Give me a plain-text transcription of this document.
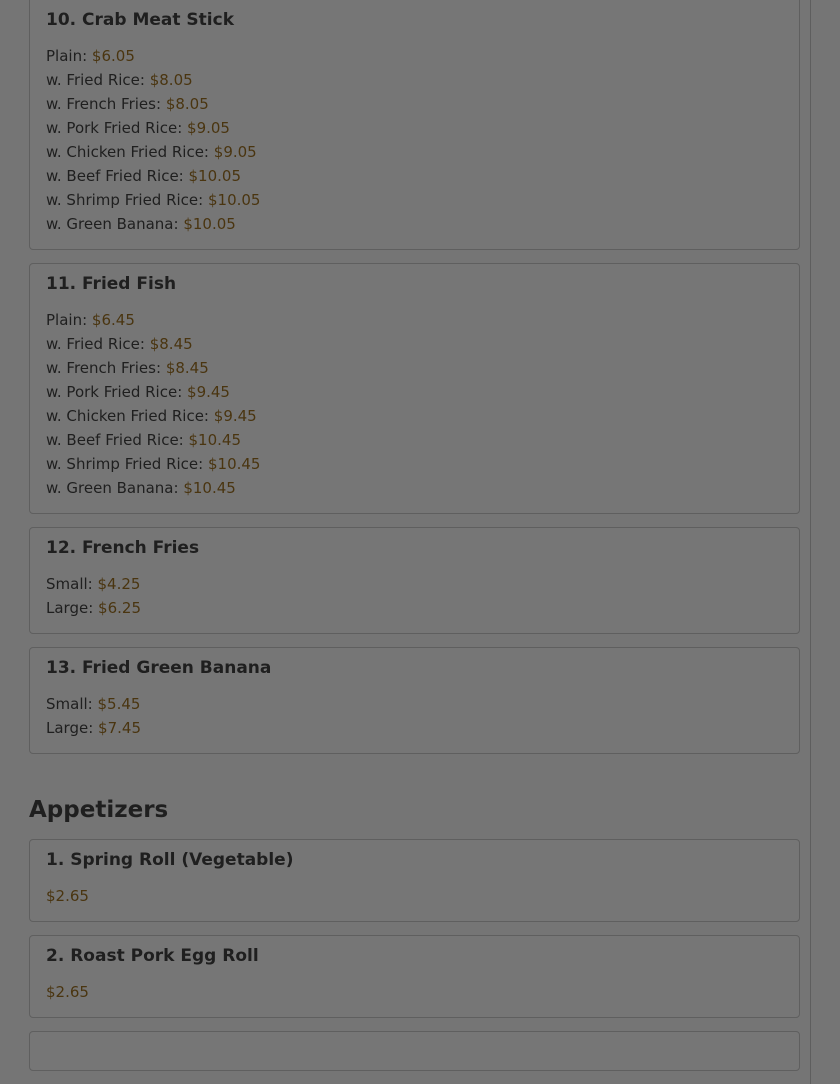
10. Crab Meat Stick
Plain: $6.05
w. Fried Rice: $8.05
w. French Fries: $8.05
w. Pork Fried Rice: $9.05
w. Chicken Fried Rice: $9.05
w. Beef Fried Rice: $10.05
w. Shrimp Fried Rice: $10.05
w. Green Banana: $10.05
11. Fried Fish
Plain: $6.45
w. Fried Rice: $8.45
w. French Fries: $8.45
w. Pork Fried Rice: $9.45
w. Chicken Fried Rice: $9.45
w. Beef Fried Rice: $10.45
w. Shrimp Fried Rice: $10.45
w. Green Banana: $10.45
12. French Fries
Small: $4.25
Large: $6.25
13. Fried Green Banana
Small: $5.45
Large: $7.45
Appetizers
1. Spring Roll (Vegetable)
$2.65
2. Roast Pork Egg Roll
$2.65
